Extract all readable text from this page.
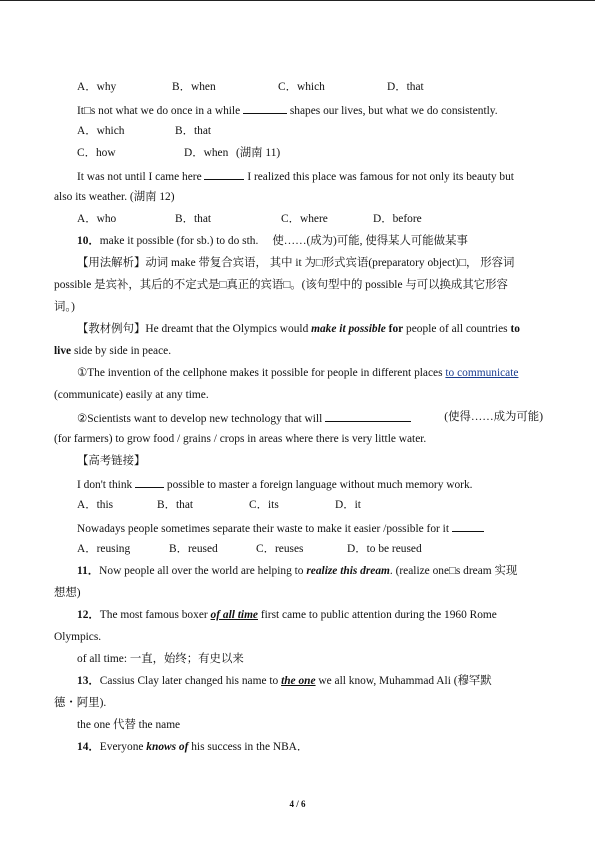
A．why	B．when	C．which	D．that
It□s not what we do once in a while	shapes our lives, but what we do consistently.
A．which	B．that
C．how	D．when (湖南 11)
It was not until I came here	I realized this place was famous for not only its beauty but
also its weather. (湖南 12)
A．who	B．that	C．where	D．before
10．make it possible (for sb.) to do sth. 使……(成为)可能, 使得某人可能做某事
【用法解析】动词 make 带复合宾语， 其中 it 为□形式宾语(preparatory object)□， 形容词
possible 是宾补，其后的不定式是□真正的宾语□。(该句型中的 possible 与可以换成其它形容
词。)
【教材例句】He dreamt that the Olympics would make it possible for people of all countries to
live side by side in peace.
①The invention of the cellphone makes it possible for people in different places to communicate
(communicate) easily at any time.
②Scientists want to develop new technology that will	(使得……成为可能)
(for farmers) to grow food / grains / crops in areas where there is very little water.
【高考链接】
I don't think	possible to master a foreign language without much memory work.
A．this	B．that	C．its	D．it
Nowadays people sometimes separate their waste to make it easier /possible for it
A．reusing	B．reused	C．reuses	D．to be reused
11．Now people all over the world are helping to realize this dream. (realize one□s dream 实现
想想)
12．The most famous boxer of all time first came to public attention during the 1960 Rome
Olympics.
of all time: 一直，始终；有史以来
13．Cassius Clay later changed his name to the one we all know, Muhammad Ali (穆罕默
德・阿里).
the one 代替 the name
14．Everyone knows of his success in the NBA．
4 / 6
